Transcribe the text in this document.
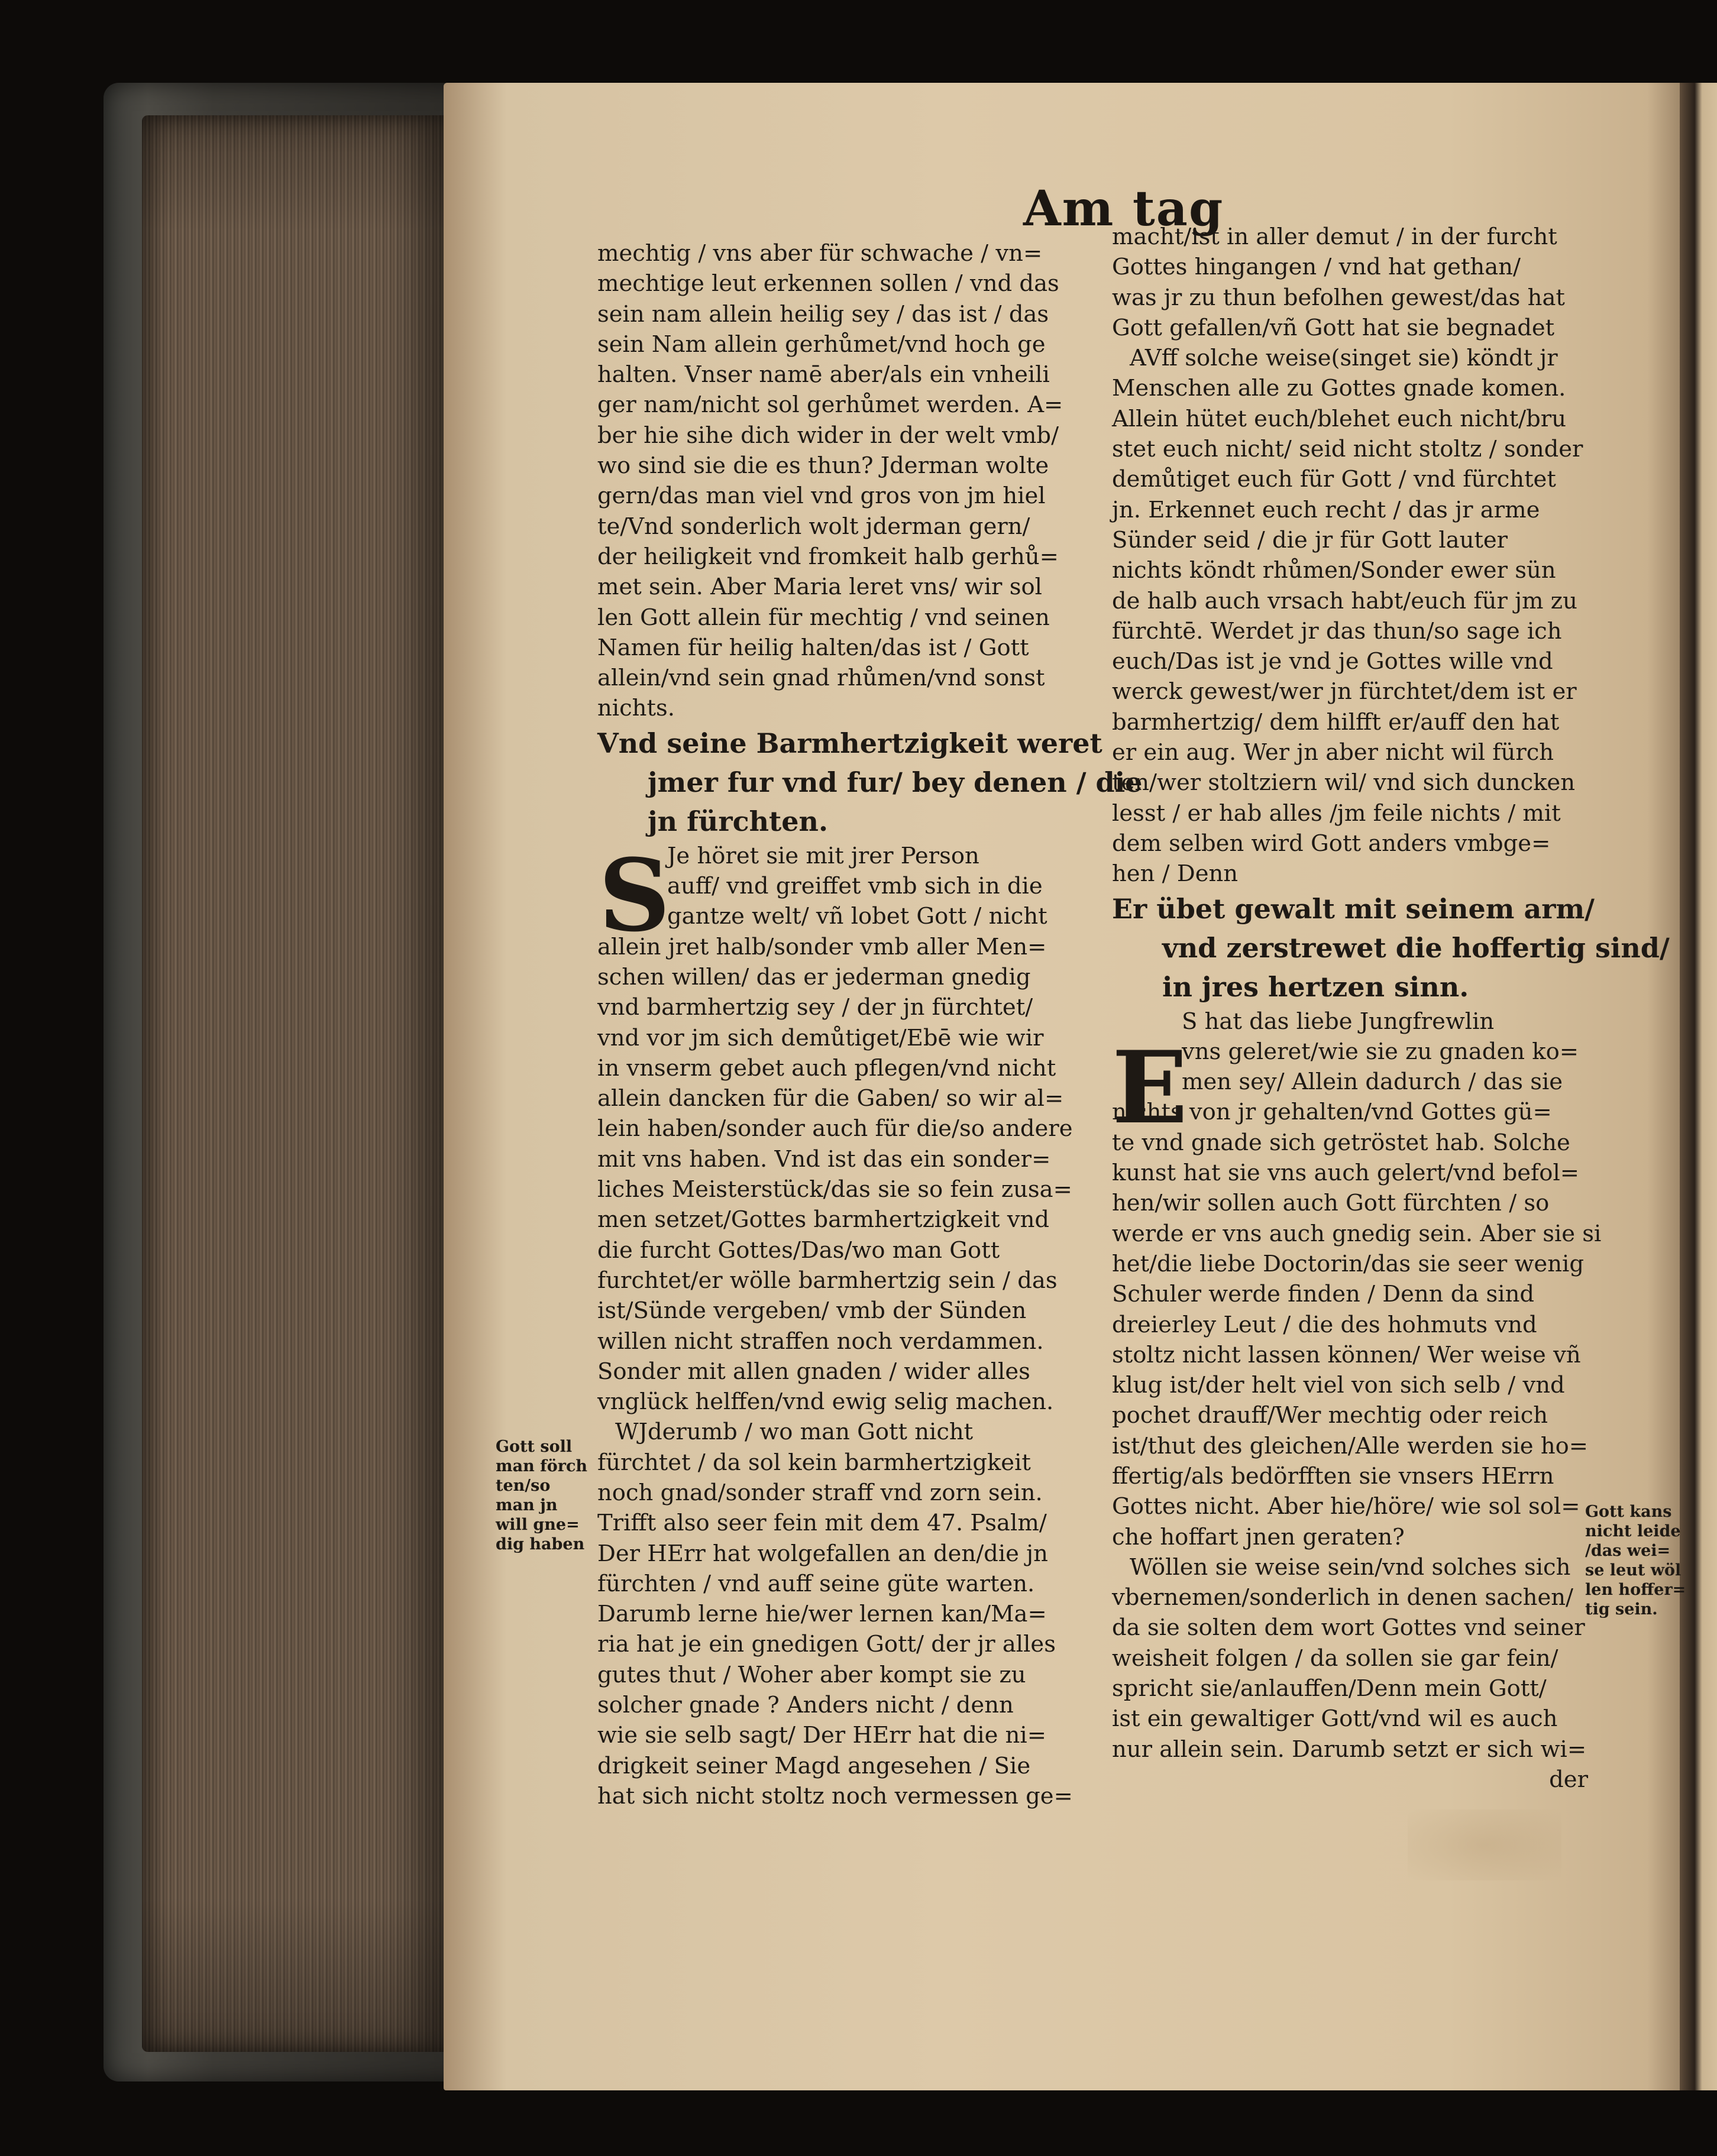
Am tag
mechtig / vns aber für schwache / vn=
mechtige leut erkennen sollen / vnd das
sein nam allein heilig sey / das ist / das
sein Nam allein gerhůmet/vnd hoch ge
halten. Vnser namē aber/als ein vnheili
ger nam/nicht sol gerhůmet werden. A=
ber hie sihe dich wider in der welt vmb/
wo sind sie die es thun? Jderman wolte
gern/das man viel vnd gros von jm hiel
te/Vnd sonderlich wolt jderman gern/
der heiligkeit vnd fromkeit halb gerhů=
met sein. Aber Maria leret vns/ wir sol
len Gott allein für mechtig / vnd seinen
Namen für heilig halten/das ist / Gott
allein/vnd sein gnad rhůmen/vnd sonst
nichts.
Vnd seine Barmhertzigkeit weret
jmer fur vnd fur/ bey denen / die
jn fürchten.
Je höret sie mit jrer Person
auff/ vnd greiffet vmb sich in die
gantze welt/ vñ lobet Gott / nicht
allein jret halb/sonder vmb aller Men=
schen willen/ das er jederman gnedig
vnd barmhertzig sey / der jn fürchtet/
vnd vor jm sich demůtiget/Ebē wie wir
in vnserm gebet auch pflegen/vnd nicht
allein dancken für die Gaben/ so wir al=
lein haben/sonder auch für die/so andere
mit vns haben. Vnd ist das ein sonder=
liches Meisterstück/das sie so fein zusa=
men setzet/Gottes barmhertzigkeit vnd
die furcht Gottes/Das/wo man Gott
furchtet/er wölle barmhertzig sein / das
ist/Sünde vergeben/ vmb der Sünden
willen nicht straffen noch verdammen.
Sonder mit allen gnaden / wider alles
vnglück helffen/vnd ewig selig machen.
WJderumb / wo man Gott nicht
fürchtet / da sol kein barmhertzigkeit
noch gnad/sonder straff vnd zorn sein.
Trifft also seer fein mit dem 47. Psalm/
Der HErr hat wolgefallen an den/die jn
fürchten / vnd auff seine güte warten.
Darumb lerne hie/wer lernen kan/Ma=
ria hat je ein gnedigen Gott/ der jr alles
gutes thut / Woher aber kompt sie zu
solcher gnade ? Anders nicht / denn
wie sie selb sagt/ Der HErr hat die ni=
drigkeit seiner Magd angesehen / Sie
hat sich nicht stoltz noch vermessen ge=
S
macht/ist in aller demut / in der furcht
Gottes hingangen / vnd hat gethan/
was jr zu thun befolhen gewest/das hat
Gott gefallen/vñ Gott hat sie begnadet
AVff solche weise(singet sie) köndt jr
Menschen alle zu Gottes gnade komen.
Allein hütet euch/blehet euch nicht/bru
stet euch nicht/ seid nicht stoltz / sonder
demůtiget euch für Gott / vnd fürchtet
jn. Erkennet euch recht / das jr arme
Sünder seid / die jr für Gott lauter
nichts köndt rhůmen/Sonder ewer sün
de halb auch vrsach habt/euch für jm zu
fürchtē. Werdet jr das thun/so sage ich
euch/Das ist je vnd je Gottes wille vnd
werck gewest/wer jn fürchtet/dem ist er
barmhertzig/ dem hilfft er/auff den hat
er ein aug. Wer jn aber nicht wil fürch
ten/wer stoltziern wil/ vnd sich duncken
lesst / er hab alles /jm feile nichts / mit
dem selben wird Gott anders vmbge=
hen / Denn
Er übet gewalt mit seinem arm/
vnd zerstrewet die hoffertig sind/
in jres hertzen sinn.
S hat das liebe Jungfrewlin
vns geleret/wie sie zu gnaden ko=
men sey/ Allein dadurch / das sie
nichts von jr gehalten/vnd Gottes gü=
te vnd gnade sich getröstet hab. Solche
kunst hat sie vns auch gelert/vnd befol=
hen/wir sollen auch Gott fürchten / so
werde er vns auch gnedig sein. Aber sie si
het/die liebe Doctorin/das sie seer wenig
Schuler werde finden / Denn da sind
dreierley Leut / die des hohmuts vnd
stoltz nicht lassen können/ Wer weise vñ
klug ist/der helt viel von sich selb / vnd
pochet drauff/Wer mechtig oder reich
ist/thut des gleichen/Alle werden sie ho=
ffertig/als bedörfften sie vnsers HErrn
Gottes nicht. Aber hie/höre/ wie sol sol=
che hoffart jnen geraten?
Wöllen sie weise sein/vnd solches sich
vbernemen/sonderlich in denen sachen/
da sie solten dem wort Gottes vnd seiner
weisheit folgen / da sollen sie gar fein/
spricht sie/anlauffen/Denn mein Gott/
ist ein gewaltiger Gott/vnd wil es auch
nur allein sein. Darumb setzt er sich wi=
der
E
Gott soll
man förch
ten/so
man jn
will gne=
dig haben
Gott kans
nicht leide
/das wei=
se leut wöl
len hoffer=
tig sein.
